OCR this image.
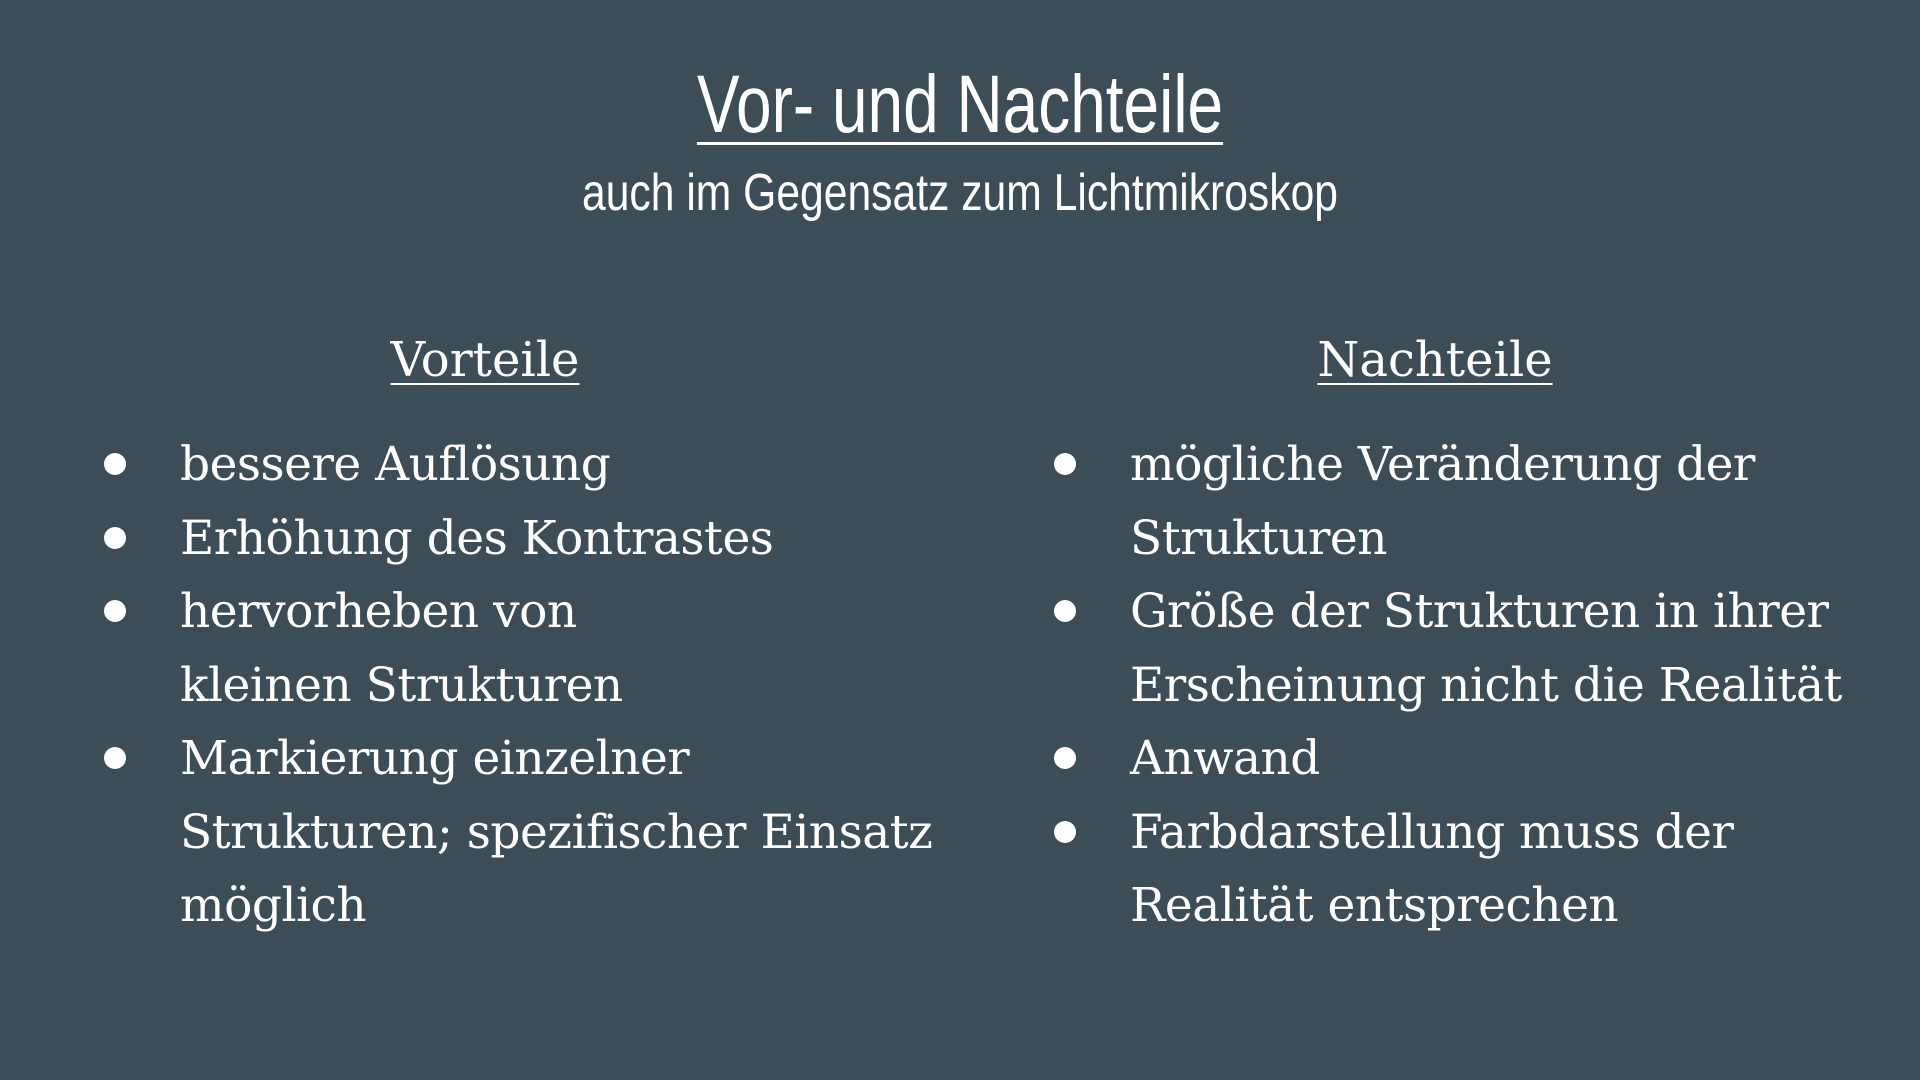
Vor- und Nachteile
auch im Gegensatz zum Lichtmikroskop
Vorteile
bessere Auflösung
Erhöhung des Kontrastes
hervorheben von kleinen Strukturen
Markierung einzelner Strukturen; spezifischer Einsatz möglich
Nachteile
mögliche Veränderung der Strukturen
Größe der Strukturen in ihrer Erscheinung nicht die Realität
Anwand
Farbdarstellung muss der Realität entsprechen
